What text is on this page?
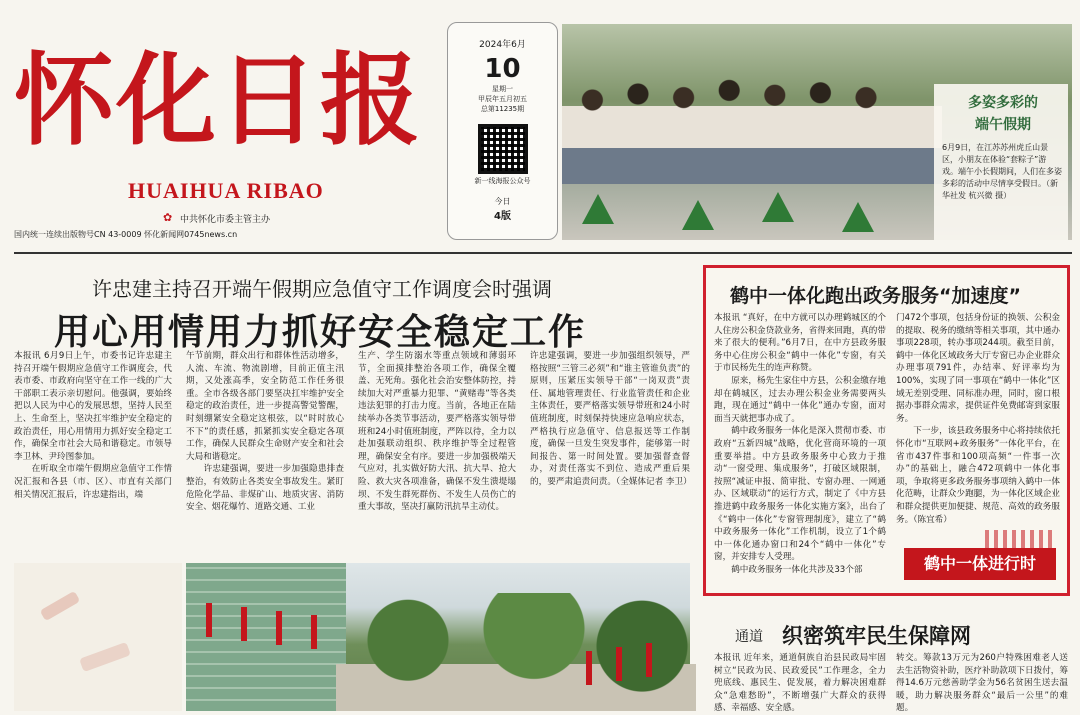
怀化日报
HUAIHUA RIBAO
✿ 中共怀化市委主管主办
国内统一连续出版物号CN 43-0009 怀化新闻网0745news.cn
2024年6月
10
星期一
甲辰年五月初五
总第11235期
新一线海报公众号
今日
4版
多姿多彩的
端午假期
6月9日，在江苏苏州虎丘山景区，小朋友在体验“套粽子”游戏。端午小长假期间，人们在多姿多彩的活动中尽情享受假日。（新华社发 杭兴微 摄）
许忠建主持召开端午假期应急值守工作调度会时强调
用心用情用力抓好安全稳定工作
本报讯 6月9日上午，市委书记许忠建主持召开端午假期应急值守工作调度会，代表市委、市政府向坚守在工作一线的广大干部职工表示亲切慰问。他强调，要始终把以人民为中心的发展思想，坚持人民至上、生命至上，坚决扛牢维护安全稳定的政治责任，用心用情用力抓好安全稳定工作，确保全市社会大局和谐稳定。市领导李卫林、尹玲图参加。
　　在听取全市端午假期应急值守工作情况汇报和各县（市、区）、市直有关部门相关情况汇报后，许忠建指出，端
午节前期，群众出行和群体性活动增多，人流、车流、物流剧增，目前正值主汛期，又处涨高季，安全防范工作任务很重。全市各级各部门要坚决扛牢维护安全稳定的政治责任，进一步提高警觉警醒，时刻绷紧安全稳定这根弦，以“时时放心不下”的责任感，抓紧抓实安全稳定各项工作，确保人民群众生命财产安全和社会大局和谐稳定。
　　许忠建强调，要进一步加强隐患排查整治，有效防止各类安全事故发生。紧盯危险化学品、非煤矿山、地质灾害、消防安全、烟花爆竹、道路交通、工业
生产、学生防溺水等重点领域和薄弱环节，全面摸排整治各项工作，确保全覆盖、无死角。强化社会治安整体防控，持续加大对严重暴力犯罪、“黄赌毒”等各类违法犯罪的打击力度。当前，各地正在陆续举办各类节事活动，要严格落实领导带班和24小时值班制度，严阵以待，全力以赴加强联动组织、秩序维护等全过程管理，确保安全有序。要进一步加强极端天气应对，扎实做好防大汛、抗大旱、抢大险、救大灾各项准备，确保不发生溃堤塌坝、不发生群死群伤、不发生人员伤亡的重大事故，坚决打赢防汛抗旱主动仗。
许忠建强调，要进一步加强组织领导，严格按照“三管三必须”和“谁主管谁负责”的原则，压紧压实领导干部“一岗双责”责任、属地管理责任、行业监管责任和企业主体责任，要严格落实领导带班和24小时值班制度，时刻保持快速应急响应状态，严格执行应急值守、信息报送等工作制度，确保一旦发生突发事件，能够第一时间报告、第一时间处置。要加强督查督办，对责任落实不到位、造成严重后果的，要严肃追责问责。（全媒体记者 李卫）
鹤中一体化跑出政务服务“加速度”
本报讯 “真好，在中方就可以办理鹤城区的个人住房公积金贷款业务，省得来回跑，真的带来了很大的便利。”6月7日，在中方县政务服务中心住房公积金“鹤中一体化”专窗，有关于市民杨先生的连声称赞。
　　原来，杨先生家住中方县，公积金缴存地却在鹤城区，过去办理公积金业务需要两头跑，现在通过“鹤中一体化”通办专窗，面对面当天就把事办成了。
　　鹤中政务服务一体化是深入贯彻市委、市政府“五新四城”战略，优化营商环境的一项重要举措。中方县政务服务中心致力于推动“一窗受理、集成服务”，打破区域限制，按照“减证申报、简审批、专窗办理、一网通办、区域联动”的运行方式，制定了《中方县推进鹤中政务服务一体化实施方案》，出台了《“鹤中一体化”专窗管理制度》，建立了“鹤中政务服务一体化”工作机制，设立了1个鹤中一体化通办窗口和24个“鹤中一体化”专窗，并安排专人受理。
　　鹤中政务服务一体化共涉及33个部
门472个事项，包括身份证的换领、公积金的提取、税务的缴纳等相关事项，其中通办事项228项，转办事项244项。截至目前，鹤中一体化区域政务大厅专窗已办企业群众办理事项791件，办结率、好评率均为100%，实现了同一事项在“鹤中一体化”区域无差别受理、同标准办理，同时，窗口根据办事群众需求，提供证件免费邮寄到家服务。
　　下一步，该县政务服务中心将持续依托怀化市“互联网+政务服务”一体化平台，在省市437件事和100项高频“一件事一次办”的基础上，融合472项鹤中一体化事项，争取将更多政务服务事项纳入鹤中一体化范畴，让群众少跑腿，为一体化区域企业和群众提供更加便捷、规范、高效的政务服务。（陈宜希）
鹤中一体进行时
通道 织密筑牢民生保障网
本报讯 近年来，通道侗族自治县民政局牢固树立“民政为民、民政爱民”工作理念，全力兜底线、惠民生、促发展，着力解决困难群众“急难愁盼”，不断增强广大群众的获得感、幸福感、安全感。
转交。筹款13万元为260户特殊困难老人送去生活物资补助，医疗补助款项下日拨付，筹得14.6万元慈善助学金为56名贫困生送去温暖，助力解决服务群众“最后一公里”的难题。
